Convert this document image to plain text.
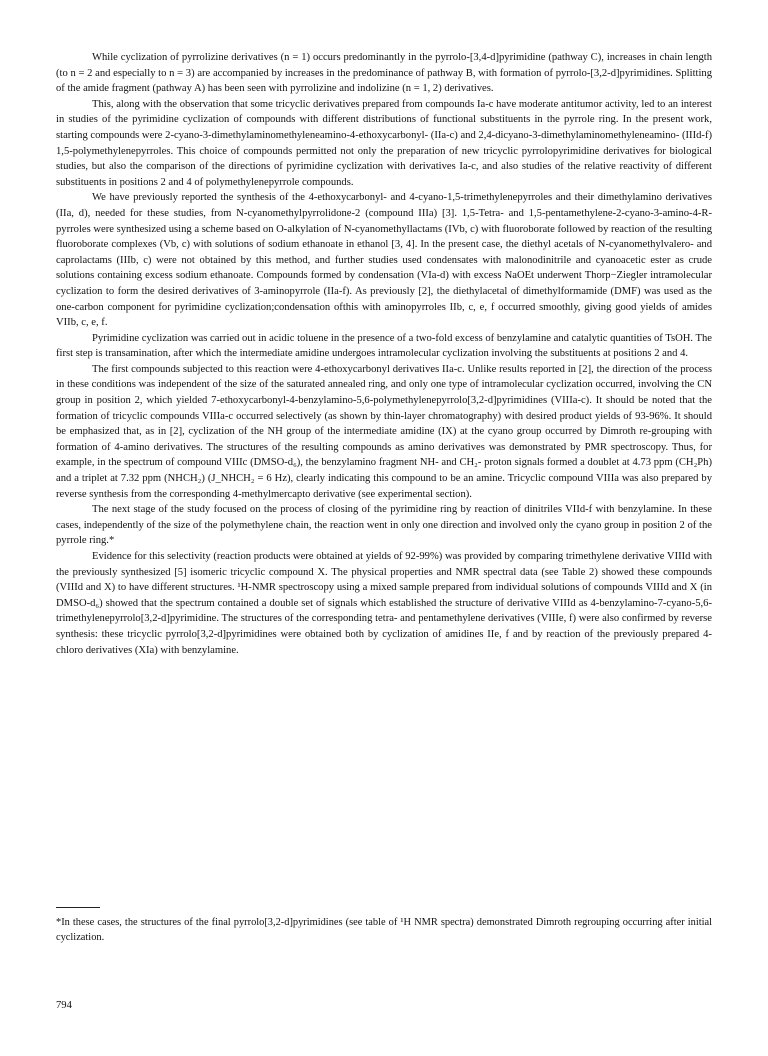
While cyclization of pyrrolizine derivatives (n = 1) occurs predominantly in the pyrrolo-[3,4-d]pyrimidine (pathway C), increases in chain length (to n = 2 and especially to n = 3) are accompanied by increases in the predominance of pathway B, with formation of pyrrolo-[3,2-d]pyrimidines. Splitting of the amide fragment (pathway A) has been seen with pyrrolizine and indolizine (n = 1, 2) derivatives.

This, along with the observation that some tricyclic derivatives prepared from compounds Ia-c have moderate antitumor activity, led to an interest in studies of the pyrimidine cyclization of compounds with different distributions of functional substituents in the pyrrole ring. In the present work, starting compounds were 2-cyano-3-dimethylaminomethyleneamino-4-ethoxycarbonyl- (IIa-c) and 2,4-dicyano-3-dimethylaminomethyleneamino- (IIId-f) 1,5-polymethylenepyrroles. This choice of compounds permitted not only the preparation of new tricyclic pyrrolopyrimidine derivatives for biological studies, but also the comparison of the directions of pyrimidine cyclization with derivatives Ia-c, and also studies of the relative reactivity of different substituents in positions 2 and 4 of polymethylenepyrrole compounds.

We have previously reported the synthesis of the 4-ethoxycarbonyl- and 4-cyano-1,5-trimethylenepyrroles and their dimethylamino derivatives (IIa, d), needed for these studies, from N-cyanomethylpyrrolidone-2 (compound IIIa) [3]. 1,5-Tetra- and 1,5-pentamethylene-2-cyano-3-amino-4-R-pyrroles were synthesized using a scheme based on O-alkylation of N-cyanomethyllactams (IVb, c) with fluoroborate followed by reaction of the resulting fluoroborate complexes (Vb, c) with solutions of sodium ethanoate in ethanol [3, 4]. In the present case, the diethyl acetals of N-cyanomethylvalero- and caprolactams (IIIb, c) were not obtained by this method, and further studies used condensates with malonodinitrile and cyanoacetic ester as crude solutions containing excess sodium ethanoate. Compounds formed by condensation (VIa-d) with excess NaOEt underwent Thorp−Ziegler intramolecular cyclization to form the desired derivatives of 3-aminopyrrole (IIa-f). As previously [2], the diethylacetal of dimethylformamide (DMF) was used as the one-carbon component for pyrimidine cyclization;condensation ofthis with aminopyrroles IIb, c, e, f occurred smoothly, giving good yields of amides VIIb, c, e, f.

Pyrimidine cyclization was carried out in acidic toluene in the presence of a two-fold excess of benzylamine and catalytic quantities of TsOH. The first step is transamination, after which the intermediate amidine undergoes intramolecular cyclization involving the substituents at positions 2 and 4.

The first compounds subjected to this reaction were 4-ethoxycarbonyl derivatives IIa-c. Unlike results reported in [2], the direction of the process in these conditions was independent of the size of the saturated annealed ring, and only one type of intramolecular cyclization occurred, involving the CN group in position 2, which yielded 7-ethoxycarbonyl-4-benzylamino-5,6-polymethylenepyrrolo[3,2-d]pyrimidines (VIIIa-c). It should be noted that the formation of tricyclic compounds VIIIa-c occurred selectively (as shown by thin-layer chromatography) with desired product yields of 93-96%. It should be emphasized that, as in [2], cyclization of the NH group of the intermediate amidine (IX) at the cyano group occurred by Dimroth re-grouping with formation of 4-amino derivatives. The structures of the resulting compounds as amino derivatives was demonstrated by PMR spectroscopy. Thus, for example, in the spectrum of compound VIIIc (DMSO-d₆), the benzylamino fragment NH- and CH₂- proton signals formed a doublet at 4.73 ppm (CH₂Ph) and a triplet at 7.32 ppm (NHCH₂) (J_NHCH₂ = 6 Hz), clearly indicating this compound to be an amine. Tricyclic compound VIIIa was also prepared by reverse synthesis from the corresponding 4-methylmercapto derivative (see experimental section).

The next stage of the study focused on the process of closing of the pyrimidine ring by reaction of dinitriles VIId-f with benzylamine. In these cases, independently of the size of the polymethylene chain, the reaction went in only one direction and involved only the cyano group in position 2 of the pyrrole ring.*

Evidence for this selectivity (reaction products were obtained at yields of 92-99%) was provided by comparing trimethylene derivative VIIId with the previously synthesized [5] isomeric tricyclic compound X. The physical properties and NMR spectral data (see Table 2) showed these compounds (VIIId and X) to have different structures. ¹H-NMR spectroscopy using a mixed sample prepared from individual solutions of compounds VIIId and X (in DMSO-d₆) showed that the spectrum contained a double set of signals which established the structure of derivative VIIId as 4-benzylamino-7-cyano-5,6-trimethylenepyrrolo[3,2-d]pyrimidine. The structures of the corresponding tetra- and pentamethylene derivatives (VIIIe, f) were also confirmed by reverse synthesis: these tricyclic pyrrolo[3,2-d]pyrimidines were obtained both by cyclization of amidines IIe, f and by reaction of the previously prepared 4-chloro derivatives (XIa) with benzylamine.

*In these cases, the structures of the final pyrrolo[3,2-d]pyrimidines (see table of ¹H NMR spectra) demonstrated Dimroth regrouping occurring after initial cyclization.

794
